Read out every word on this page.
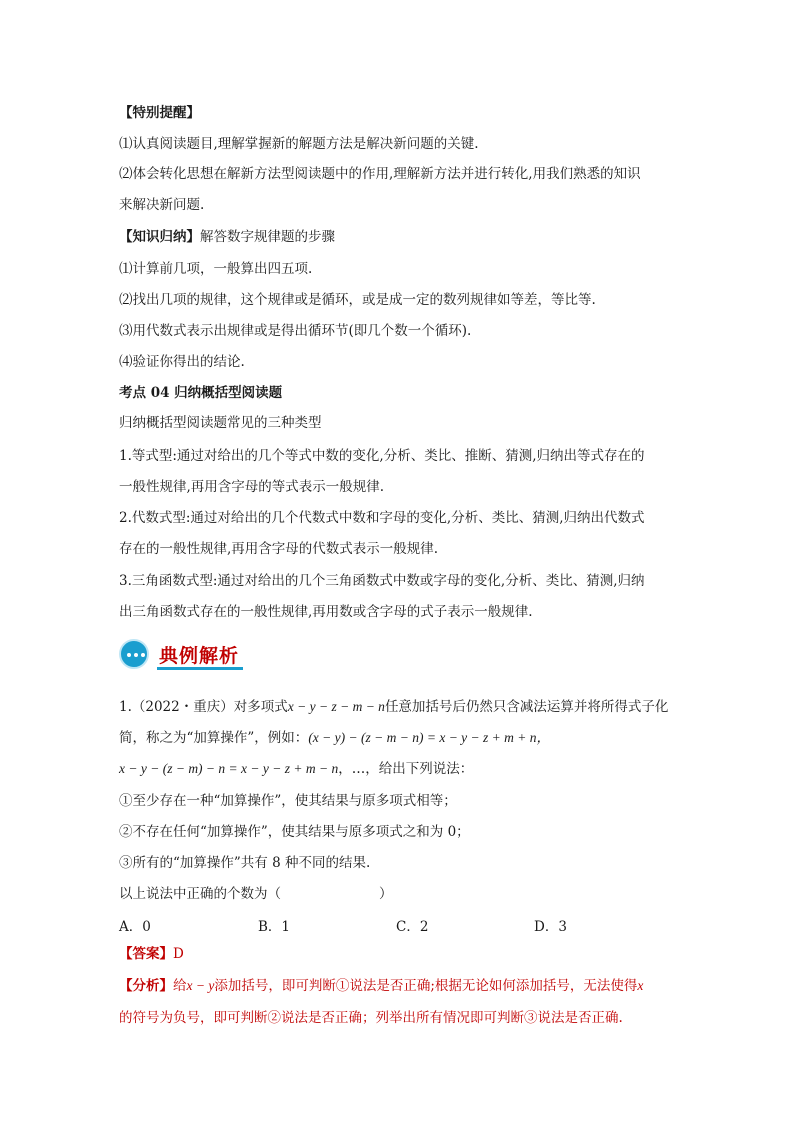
【特别提醒】
⑴认真阅读题目,理解掌握新的解题方法是解决新问题的关键.
⑵体会转化思想在解新方法型阅读题中的作用,理解新方法并进行转化,用我们熟悉的知识
来解决新问题.
【知识归纳】解答数字规律题的步骤
⑴计算前几项，一般算出四五项.
⑵找出几项的规律，这个规律或是循环，或是成一定的数列规律如等差，等比等.
⑶用代数式表示出规律或是得出循环节(即几个数一个循环).
⑷验证你得出的结论.
考点 04 归纳概括型阅读题
归纳概括型阅读题常见的三种类型
1.等式型:通过对给出的几个等式中数的变化,分析、类比、推断、猜测,归纳出等式存在的
一般性规律,再用含字母的等式表示一般规律.
2.代数式型:通过对给出的几个代数式中数和字母的变化,分析、类比、猜测,归纳出代数式
存在的一般性规律,再用含字母的代数式表示一般规律.
3.三角函数式型:通过对给出的几个三角函数式中数或字母的变化,分析、类比、猜测,归纳
出三角函数式存在的一般性规律,再用数或含字母的式子表示一般规律.
典例解析
1.（2022・重庆）对多项式x − y − z − m − n任意加括号后仍然只含减法运算并将所得式子化
简，称之为“加算操作”，例如：(x − y) − (z − m − n) = x − y − z + m + n，
x − y − (z − m) − n = x − y − z + m − n，…，给出下列说法：
①至少存在一种“加算操作”，使其结果与原多项式相等；
②不存在任何“加算操作”，使其结果与原多项式之和为 0；
③所有的“加算操作”共有 8 种不同的结果.
以上说法中正确的个数为（	）
A．0	B．1	C．2	D．3
【答案】D
【分析】给x − y添加括号，即可判断①说法是否正确;根据无论如何添加括号，无法使得x
的符号为负号，即可判断②说法是否正确；列举出所有情况即可判断③说法是否正确.
